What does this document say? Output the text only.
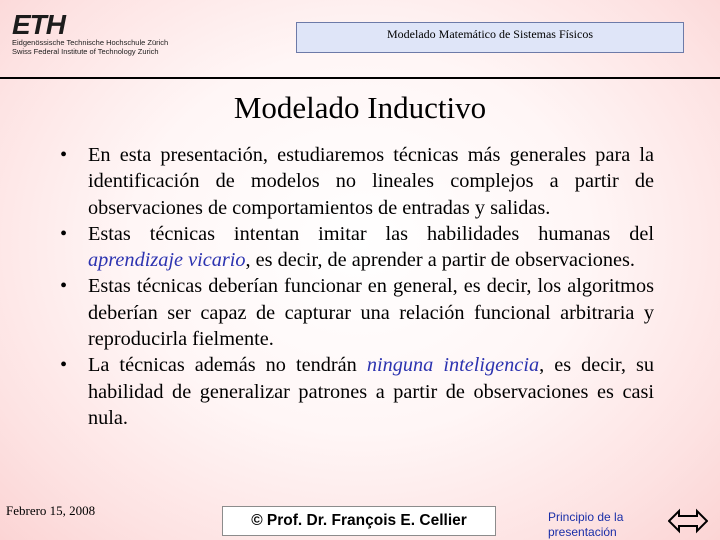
ETH
Eidgenössische Technische Hochschule Zürich
Swiss Federal Institute of Technology Zurich
Modelado Matemático de Sistemas Físicos
Modelado Inductivo
• En esta presentación, estudiaremos técnicas más generales para la identificación de modelos no lineales complejos a partir de observaciones de comportamientos de entradas y salidas.
• Estas técnicas intentan imitar las habilidades humanas del aprendizaje vicario, es decir, de aprender a partir de observaciones.
• Estas técnicas deberían funcionar en general, es decir, los algoritmos deberían ser capaz de capturar una relación funcional arbitraria y reproducirla fielmente.
• La técnicas además no tendrán ninguna inteligencia, es decir, su habilidad de generalizar patrones a partir de observaciones es casi nula.
Febrero 15, 2008
© Prof. Dr. François E. Cellier	Principio de la presentación
